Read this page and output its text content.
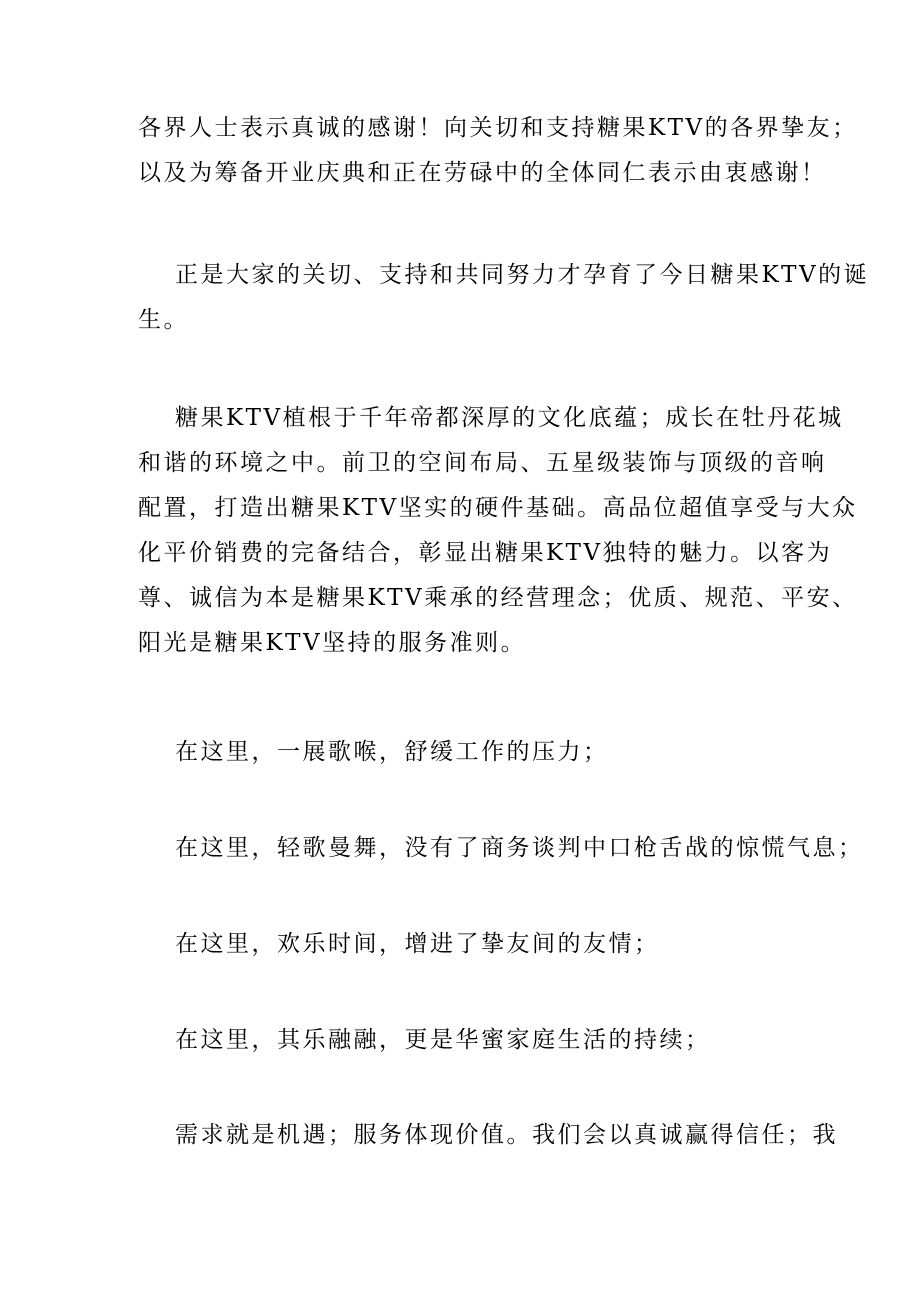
各界人士表示真诚的感谢！向关切和支持糖果KTV的各界挚友；
以及为筹备开业庆典和正在劳碌中的全体同仁表示由衷感谢！

正是大家的关切、支持和共同努力才孕育了今日糖果KTV的诞
生。

糖果KTV植根于千年帝都深厚的文化底蕴；成长在牡丹花城
和谐的环境之中。前卫的空间布局、五星级装饰与顶级的音响
配置，打造出糖果KTV坚实的硬件基础。高品位超值享受与大众
化平价销费的完备结合，彰显出糖果KTV独特的魅力。以客为
尊、诚信为本是糖果KTV乘承的经营理念；优质、规范、平安、
阳光是糖果KTV坚持的服务准则。

在这里，一展歌喉，舒缓工作的压力；

在这里，轻歌曼舞，没有了商务谈判中口枪舌战的惊慌气息；

在这里，欢乐时间，增进了挚友间的友情；

在这里，其乐融融，更是华蜜家庭生活的持续；

需求就是机遇；服务体现价值。我们会以真诚赢得信任；我
